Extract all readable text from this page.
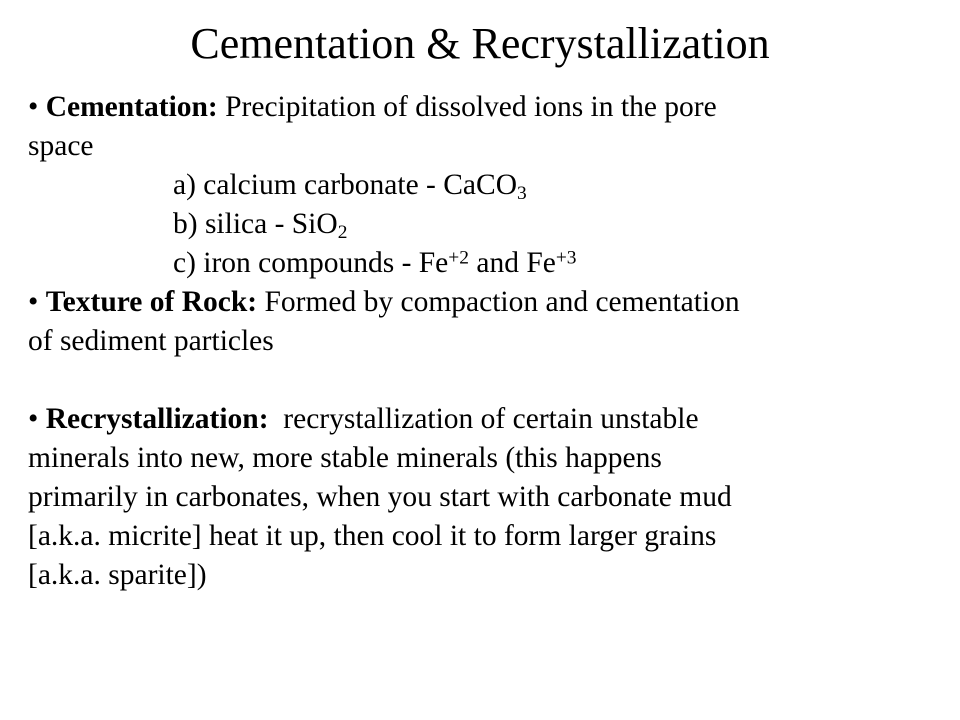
Cementation & Recrystallization
• Cementation: Precipitation of dissolved ions in the pore
space
a) calcium carbonate - CaCO$_3$
b) silica - SiO$_2$
c) iron compounds - $Fe^{+2}$ and $Fe^{+3}$
• Texture of Rock: Formed by compaction and cementation
of sediment particles
• Recrystallization:  recrystallization of certain unstable
minerals into new, more stable minerals (this happens
primarily in carbonates, when you start with carbonate mud
[a.k.a. micrite] heat it up, then cool it to form larger grains
[a.k.a. sparite])
